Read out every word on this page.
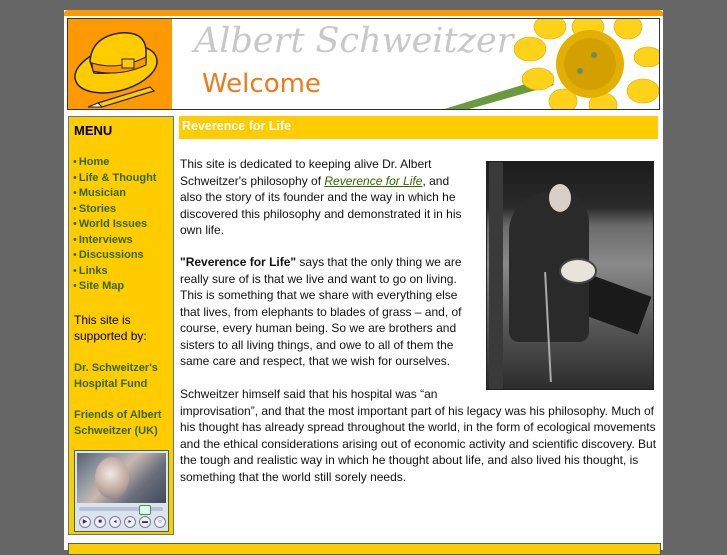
Albert Schweitzer
Welcome
MENU
• Home
• Life & Thought
• Musician
• Stories
• World Issues
• Interviews
• Discussions
• Links
• Site Map
This site is supported by:
Dr. Schweitzer's Hospital Fund
Friends of Albert Schweitzer (UK)
▶	■	◂	▸	▬	○
Reverence for Life

This site is dedicated to keeping alive Dr. Albert Schweitzer's philosophy of Reverence for Life, and also the story of its founder and the way in which he discovered this philosophy and demonstrated it in his own life.

"Reverence for Life" says that the only thing we are really sure of is that we live and want to go on living. This is something that we share with everything else that lives, from elephants to blades of grass – and, of course, every human being. So we are brothers and sisters to all living things, and owe to all of them the same care and respect, that we wish for ourselves.

Schweitzer himself said that his hospital was “an
improvisation”, and that the most important part of his legacy was his philosophy. Much of his thought has already spread throughout the world, in the form of ecological movements and the ethical considerations arising out of economic activity and scientific discovery. But the tough and realistic way in which he thought about life, and also lived his thought, is something that the world still sorely needs.
